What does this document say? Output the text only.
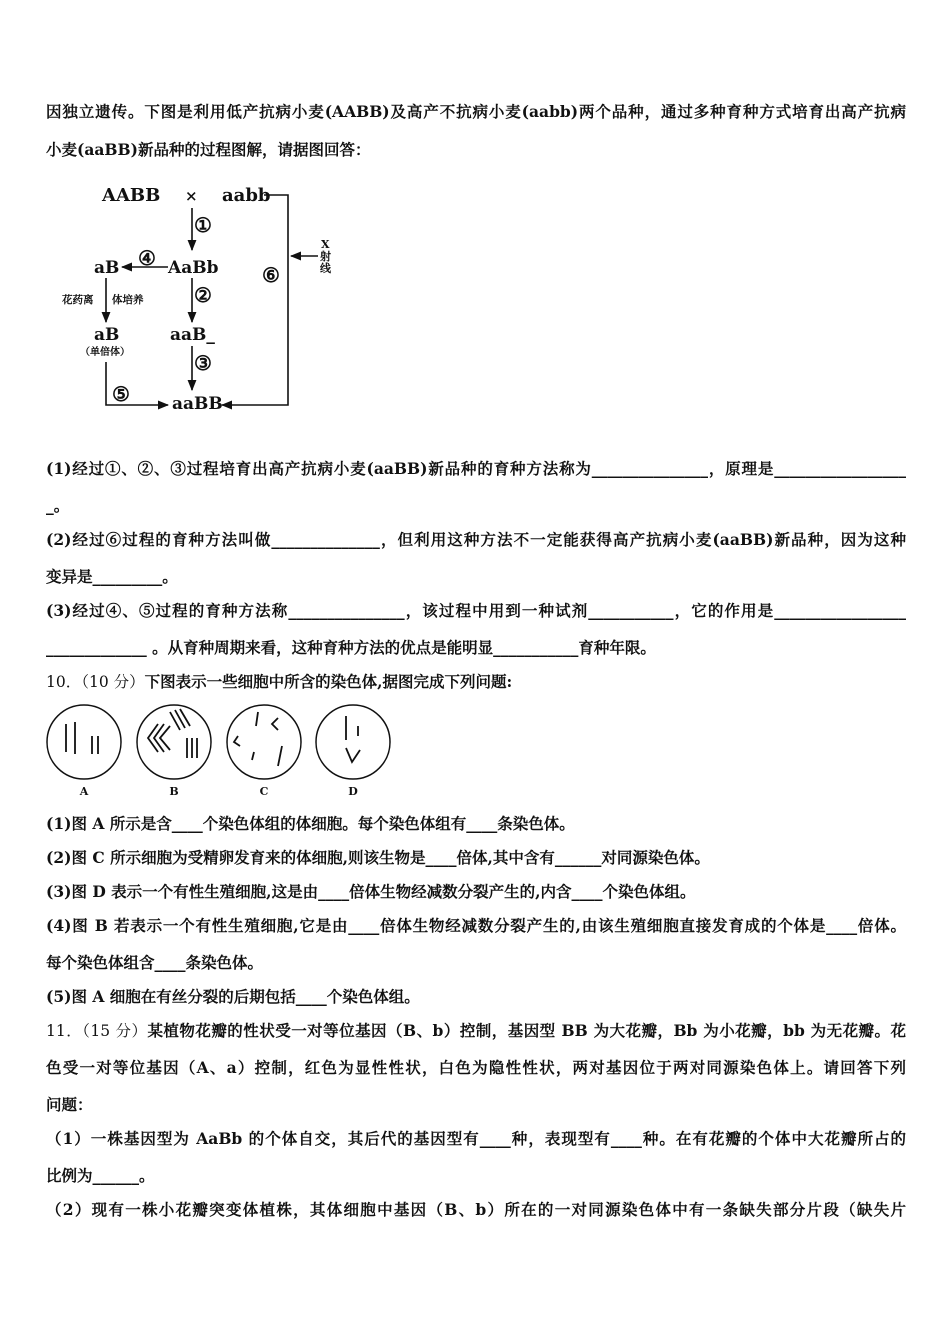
因独立遗传。下图是利用低产抗病小麦(AABB)及高产不抗病小麦(aabb)两个品种，通过多种育种方式培育出高产抗病
小麦(aaBB)新品种的过程图解，请据图回答：
AABB × aabb
AaBb
aB
aB
（单倍体）
aaB_
aaBB
花药离 体培养
X
射
线
①
②
③
④
⑤
⑥
(1)经过①、②、③过程培育出高产抗病小麦(aaBB)新品种的育种方法称为_______________，原理是_________________
_。
(2)经过⑥过程的育种方法叫做______________，但利用这种方法不一定能获得高产抗病小麦(aaBB)新品种，因为这种
变异是_________。
(3)经过④、⑤过程的育种方法称_______________，该过程中用到一种试剂___________，它的作用是_________________
_____________ 。从育种周期来看，这种育种方法的优点是能明显___________育种年限。
10．（10 分）下图表示一些细胞中所含的染色体,据图完成下列问题:
A	B	C	D
(1)图 A 所示是含____个染色体组的体细胞。每个染色体组有____条染色体。
(2)图 C 所示细胞为受精卵发育来的体细胞,则该生物是____倍体,其中含有______对同源染色体。
(3)图 D 表示一个有性生殖细胞,这是由____倍体生物经减数分裂产生的,内含____个染色体组。
(4)图 B 若表示一个有性生殖细胞,它是由____倍体生物经减数分裂产生的,由该生殖细胞直接发育成的个体是____倍体。
每个染色体组含____条染色体。
(5)图 A 细胞在有丝分裂的后期包括____个染色体组。
11．（15 分）某植物花瓣的性状受一对等位基因（B、b）控制，基因型 BB 为大花瓣，Bb 为小花瓣，bb 为无花瓣。花
色受一对等位基因（A、a）控制，红色为显性性状，白色为隐性性状，两对基因位于两对同源染色体上。请回答下列
问题：
（1）一株基因型为 AaBb 的个体自交，其后代的基因型有____种，表现型有____种。在有花瓣的个体中大花瓣所占的
比例为______。
（2）现有一株小花瓣突变体植株，其体细胞中基因（B、b）所在的一对同源染色体中有一条缺失部分片段（缺失片
